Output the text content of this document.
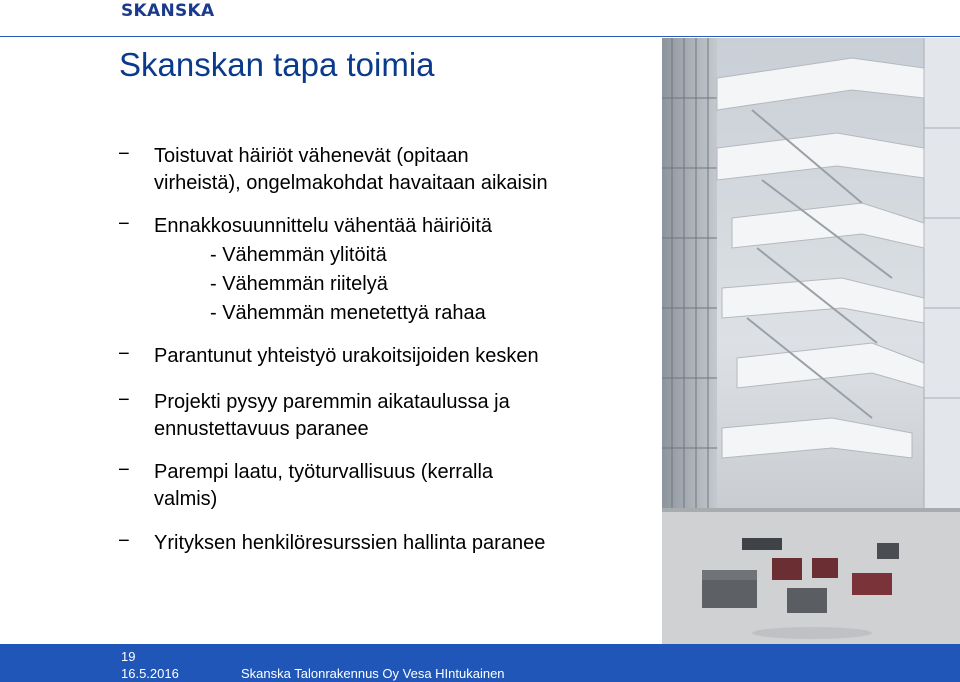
SKANSKA
Skanskan tapa toimia
− Toistuvat häiriöt vähenevät (opitaan
virheistä), ongelmakohdat havaitaan aikaisin
− Ennakkosuunnittelu vähentää häiriöitä
- Vähemmän ylitöitä
- Vähemmän riitelyä
- Vähemmän menetettyä rahaa
− Parantunut yhteistyö urakoitsijoiden kesken
− Projekti pysyy paremmin aikataulussa ja
ennustettavuus paranee
− Parempi laatu, työturvallisuus (kerralla
valmis)
− Yrityksen henkilöresurssien hallinta paranee
19
16.5.2016	Skanska Talonrakennus Oy Vesa HIntukainen
